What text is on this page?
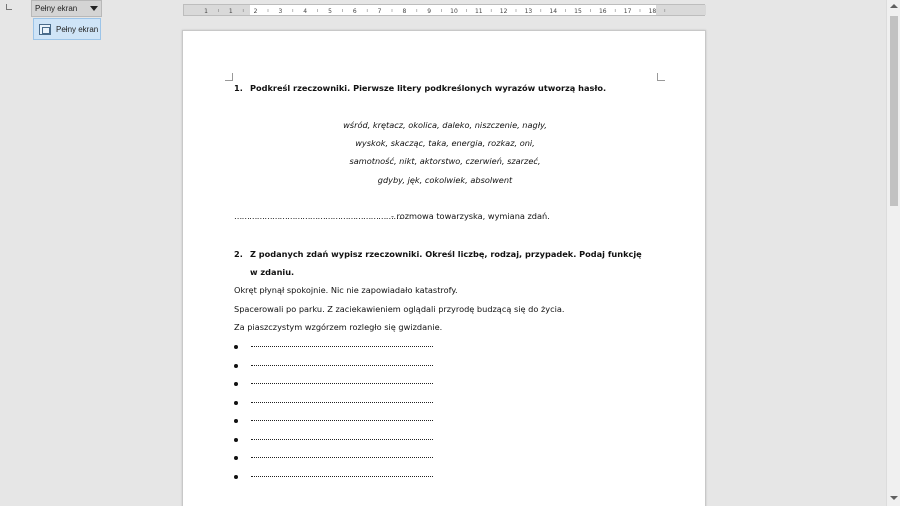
1	1	2	3	4	5	6	7	8	9	10	11	12	13	14	15	16	17	18
Pełny ekran
Pełny ekran
1. Podkreśl rzeczowniki. Pierwsze litery podkreślonych wyrazów utworzą hasło.
wśród, krętacz, okolica, daleko, niszczenie, nagły,
wyskok, skacząc, taka, energia, rozkaz, oni,
samotność, nikt, aktorstwo, czerwień, szarzeć,
gdyby, jęk, cokolwiek, absolwent
…………………………………………………………
- rozmowa towarzyska, wymiana zdań.
2. Z podanych zdań wypisz rzeczowniki. Określ liczbę, rodzaj, przypadek. Podaj funkcję
w zdaniu.
Okręt płynął spokojnie. Nic nie zapowiadało katastrofy.
Spacerowali po parku. Z zaciekawieniem oglądali przyrodę budzącą się do życia.
Za piaszczystym wzgórzem rozległo się gwizdanie.
